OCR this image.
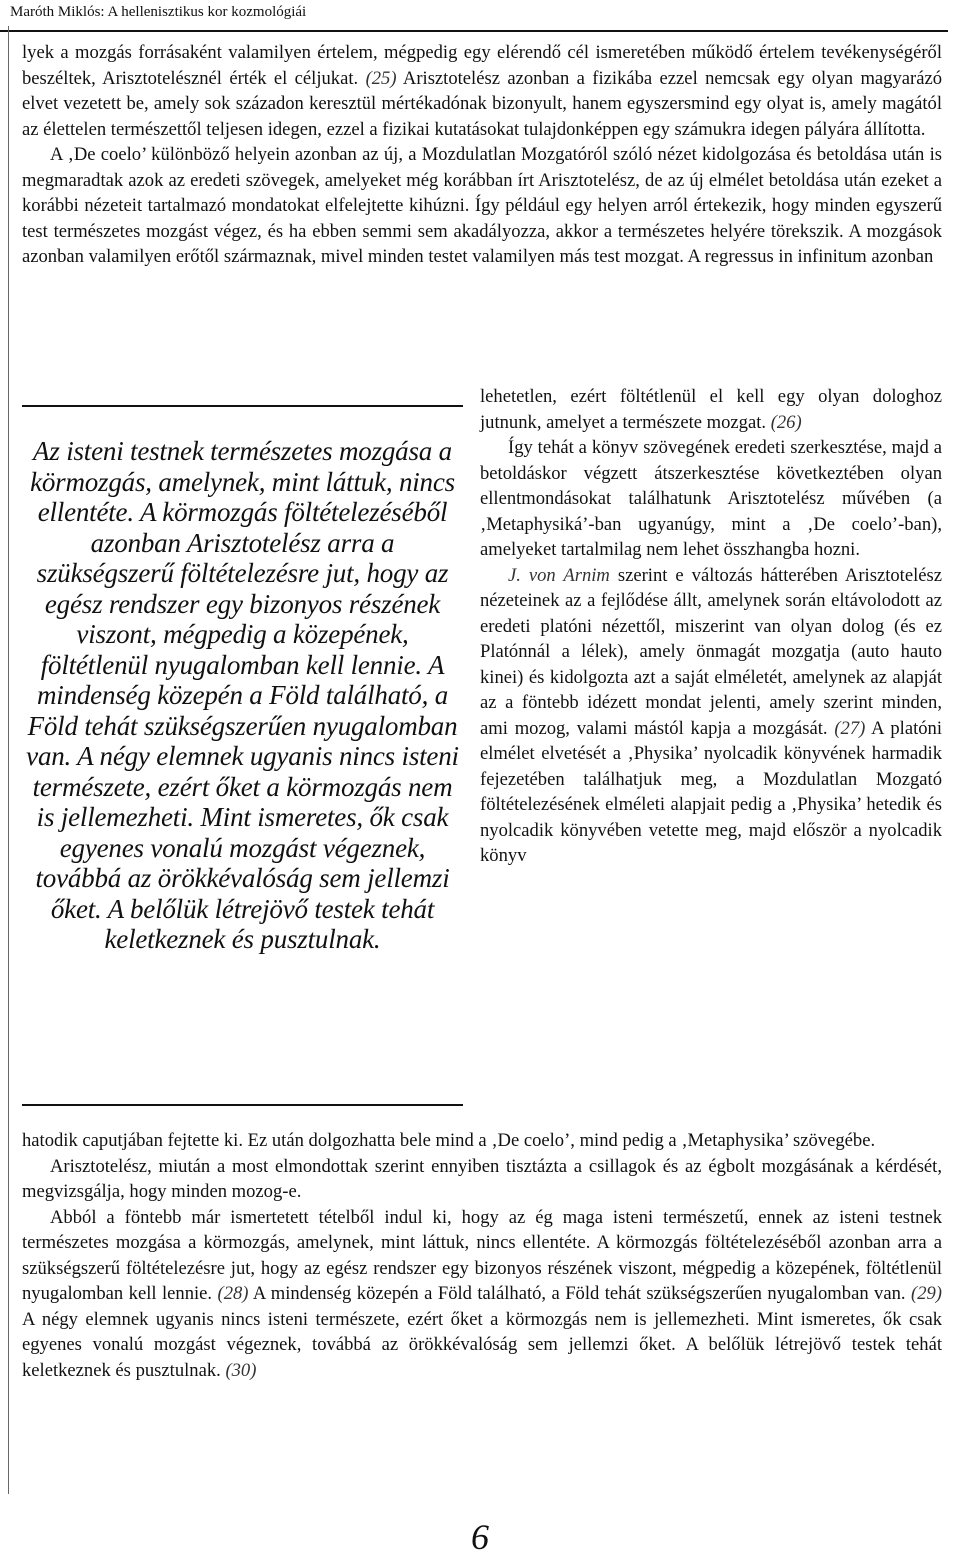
Maróth Miklós: A hellenisztikus kor kozmológiái

lyek a mozgás forrásaként valamilyen értelem, mégpedig egy elérendő cél ismeretében működő értelem tevékenységéről beszéltek, Arisztotelésznél érték el céljukat. (25) Arisztotelész azonban a fizikába ezzel nemcsak egy olyan magyarázó elvet vezetett be, amely sok századon keresztül mértékadónak bizonyult, hanem egyszersmind egy olyat is, amely magától az élettelen természettől teljesen idegen, ezzel a fizikai kutatásokat tulajdonképpen egy számukra idegen pályára állította.

A ‚De coelo’ különböző helyein azonban az új, a Mozdulatlan Mozgatóról szóló nézet kidolgozása és betoldása után is megmaradtak azok az eredeti szövegek, amelyeket még korábban írt Arisztotelész, de az új elmélet betoldása után ezeket a korábbi nézeteit tartalmazó mondatokat elfelejtette kihúzni. Így például egy helyen arról értekezik, hogy minden egyszerű test természetes mozgást végez, és ha ebben semmi sem akadályozza, akkor a természetes helyére törekszik. A mozgások azonban valamilyen erőtől származnak, mivel minden testet valamilyen más test mozgat. A regressus in infinitum azonban

Az isteni testnek természetes mozgása a körmozgás, amelynek, mint láttuk, nincs ellentéte. A körmozgás föltételezéséből azonban Arisztotelész arra a szükségszerű föltételezésre jut, hogy az egész rendszer egy bizonyos részének viszont, mégpedig a közepének, föltétlenül nyugalomban kell lennie. A mindenség közepén a Föld található, a Föld tehát szükségszerűen nyugalomban van. A négy elemnek ugyanis nincs isteni természete, ezért őket a körmozgás nem is jellemezheti. Mint ismeretes, ők csak egyenes vonalú mozgást végeznek, továbbá az örökkévalóság sem jellemzi őket. A belőlük létrejövő testek tehát keletkeznek és pusztulnak.

lehetetlen, ezért föltétlenül el kell egy olyan dologhoz jutnunk, amelyet a természete mozgat. (26)

Így tehát a könyv szövegének eredeti szerkesztése, majd a betoldáskor végzett átszerkesztése következtében olyan ellentmondásokat találhatunk Arisztotelész művében (a ‚Metaphysiká’-ban ugyanúgy, mint a ‚De coelo’-ban), amelyeket tartalmilag nem lehet összhangba hozni.

J. von Arnim szerint e változás hátterében Arisztotelész nézeteinek az a fejlődése állt, amelynek során eltávolodott az eredeti platóni nézettől, miszerint van olyan dolog (és ez Platónnál a lélek), amely önmagát mozgatja (auto hauto kinei) és kidolgozta azt a saját elméletét, amelynek az alapját az a föntebb idézett mondat jelenti, amely szerint minden, ami mozog, valami mástól kapja a mozgását. (27) A platóni elmélet elvetését a ‚Physika’ nyolcadik könyvének harmadik fejezetében találhatjuk meg, a Mozdulatlan Mozgató föltételezésének elméleti alapjait pedig a ‚Physika’ hetedik és nyolcadik könyvében vetette meg, majd először a nyolcadik könyv

hatodik caputjában fejtette ki. Ez után dolgozhatta bele mind a ‚De coelo’, mind pedig a ‚Metaphysika’ szövegébe.

Arisztotelész, miután a most elmondottak szerint ennyiben tisztázta a csillagok és az égbolt mozgásának a kérdését, megvizsgálja, hogy minden mozog-e.

Abból a föntebb már ismertetett tételből indul ki, hogy az ég maga isteni természetű, ennek az isteni testnek természetes mozgása a körmozgás, amelynek, mint láttuk, nincs ellentéte. A körmozgás föltételezéséből azonban arra a szükségszerű föltételezésre jut, hogy az egész rendszer egy bizonyos részének viszont, mégpedig a közepének, föltétlenül nyugalomban kell lennie. (28) A mindenség közepén a Föld található, a Föld tehát szükségszerűen nyugalomban van. (29) A négy elemnek ugyanis nincs isteni természete, ezért őket a körmozgás nem is jellemezheti. Mint ismeretes, ők csak egyenes vonalú mozgást végeznek, továbbá az örökkévalóság sem jellemzi őket. A belőlük létrejövő testek tehát keletkeznek és pusztulnak. (30)

6
